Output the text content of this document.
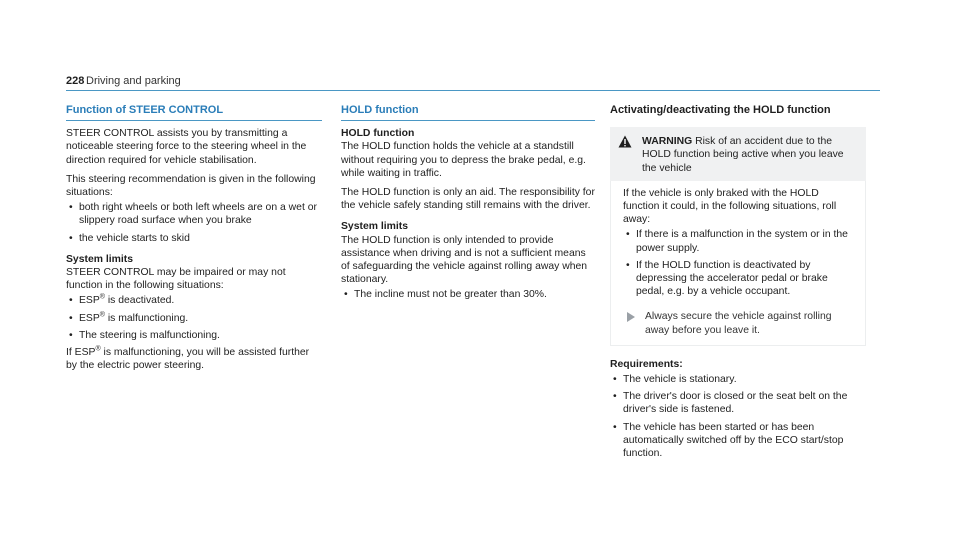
228 Driving and parking
Function of STEER CONTROL

STEER CONTROL assists you by transmitting a noticeable steering force to the steering wheel in the direction required for vehicle stabilisation.

This steering recommendation is given in the following situations:

• both right wheels or both left wheels are on a wet or slippery road surface when you brake
• the vehicle starts to skid
System limits

STEER CONTROL may be impaired or may not function in the following situations:

• ESP® is deactivated.
• ESP® is malfunctioning.
• The steering is malfunctioning.

If ESP® is malfunctioning, you will be assisted further by the electric power steering.

HOLD function
HOLD function

The HOLD function holds the vehicle at a standstill without requiring you to depress the brake pedal, e.g. while waiting in traffic.

The HOLD function is only an aid. The responsibility for the vehicle safely standing still remains with the driver.

System limits

The HOLD function is only intended to provide assistance when driving and is not a sufficient means of safeguarding the vehicle against rolling away when stationary.

• The incline must not be greater than 30%.
Activating/deactivating the HOLD function
WARNING Risk of an accident due to the HOLD function being active when you leave the vehicle

If the vehicle is only braked with the HOLD function it could, in the following situations, roll away:

• If there is a malfunction in the system or in the power supply.
• If the HOLD function is deactivated by depressing the accelerator pedal or brake pedal, e.g. by a vehicle occupant.
Always secure the vehicle against rolling away before you leave it.
Requirements:
• The vehicle is stationary.
• The driver's door is closed or the seat belt on the driver's side is fastened.
• The vehicle has been started or has been automatically switched off by the ECO start/stop function.
